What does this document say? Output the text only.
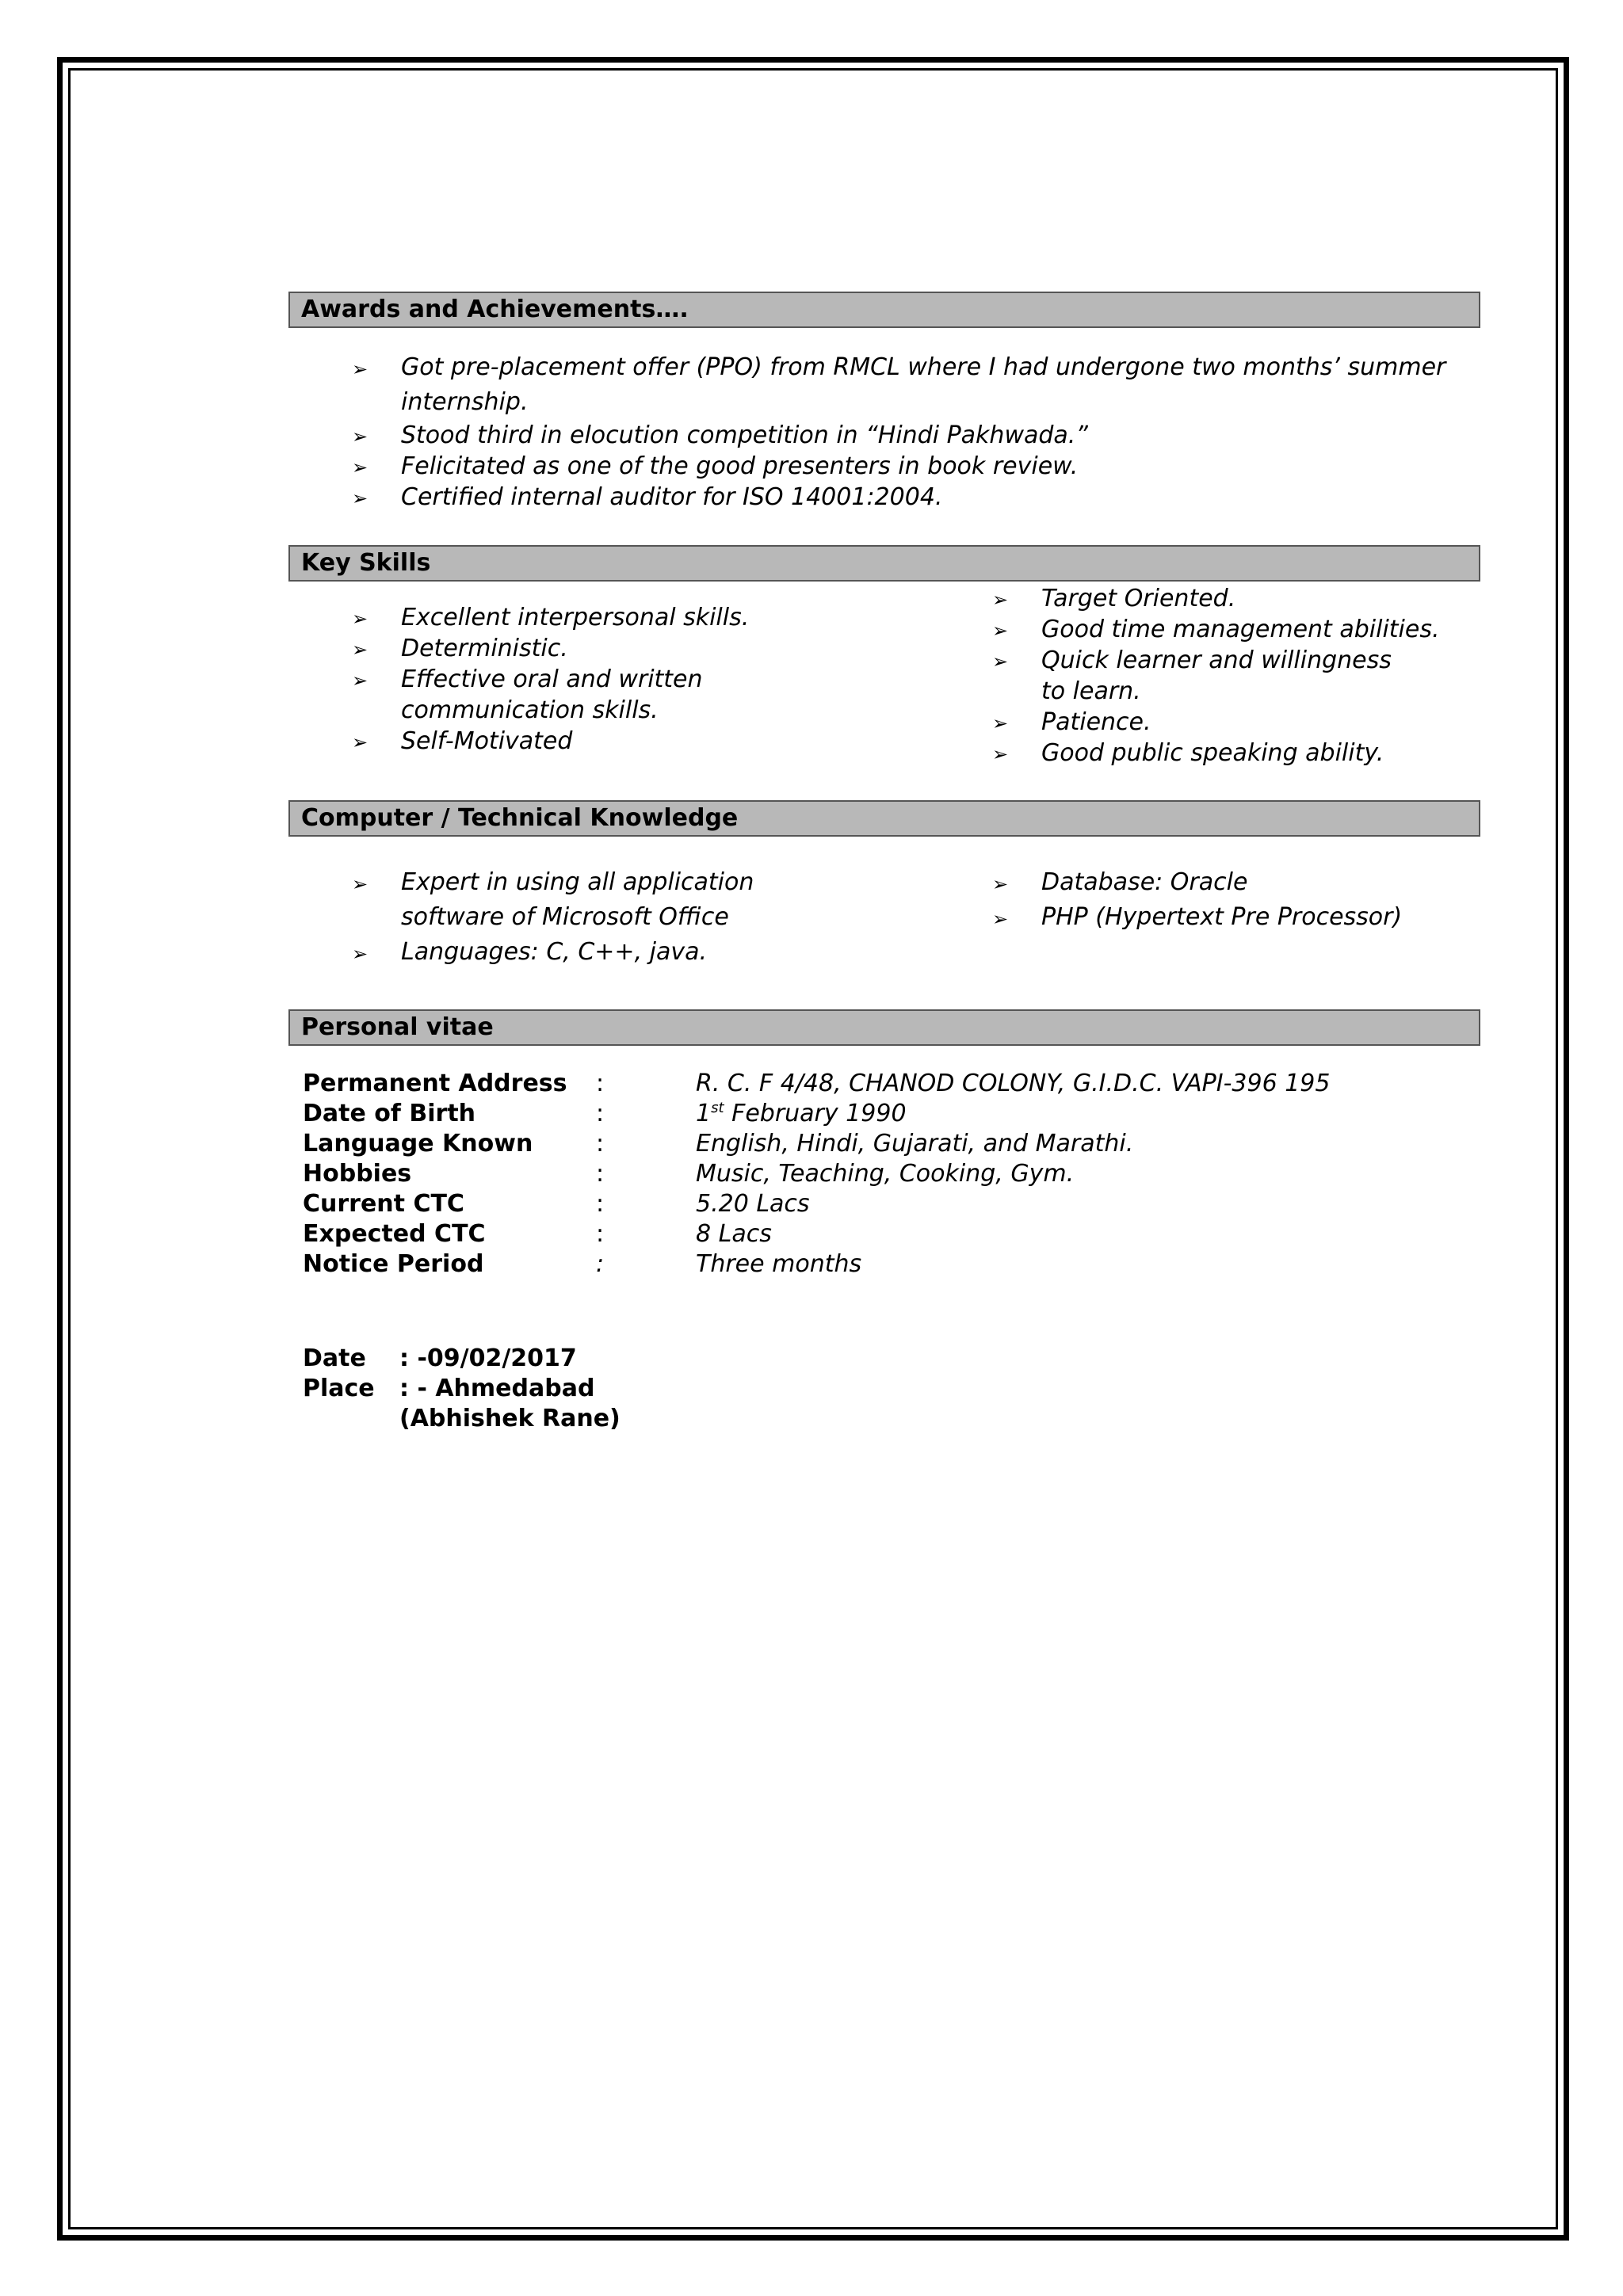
Awards and Achievements….
➢ Got pre-placement offer (PPO) from RMCL where I had undergone two months’ summer internship.
➢ Stood third in elocution competition in “Hindi Pakhwada.”
➢ Felicitated as one of the good presenters in book review.
➢ Certified internal auditor for ISO 14001:2004.
Key Skills
➢ Excellent interpersonal skills.
➢ Deterministic.
➢ Effective oral and written communication skills.
➢ Self-Motivated
➢ Target Oriented.
➢ Good time management abilities.
➢ Quick learner and willingness to learn.
➢ Patience.
➢ Good public speaking ability.
Computer / Technical Knowledge
➢ Expert in using all application software of Microsoft Office
➢ Languages: C, C++, java.
➢ Database: Oracle
➢ PHP (Hypertext Pre Processor)
Personal vitae
Permanent Address	:	R. C. F 4/48, CHANOD COLONY, G.I.D.C. VAPI-396 195
Date of Birth	:	1st February 1990
Language Known	:	English, Hindi, Gujarati, and Marathi.
Hobbies	:	Music, Teaching, Cooking, Gym.
Current CTC	:	5.20 Lacs
Expected CTC	:	8 Lacs
Notice Period	:	Three months
Date	: -09/02/2017
Place	: - Ahmedabad
(Abhishek Rane)
